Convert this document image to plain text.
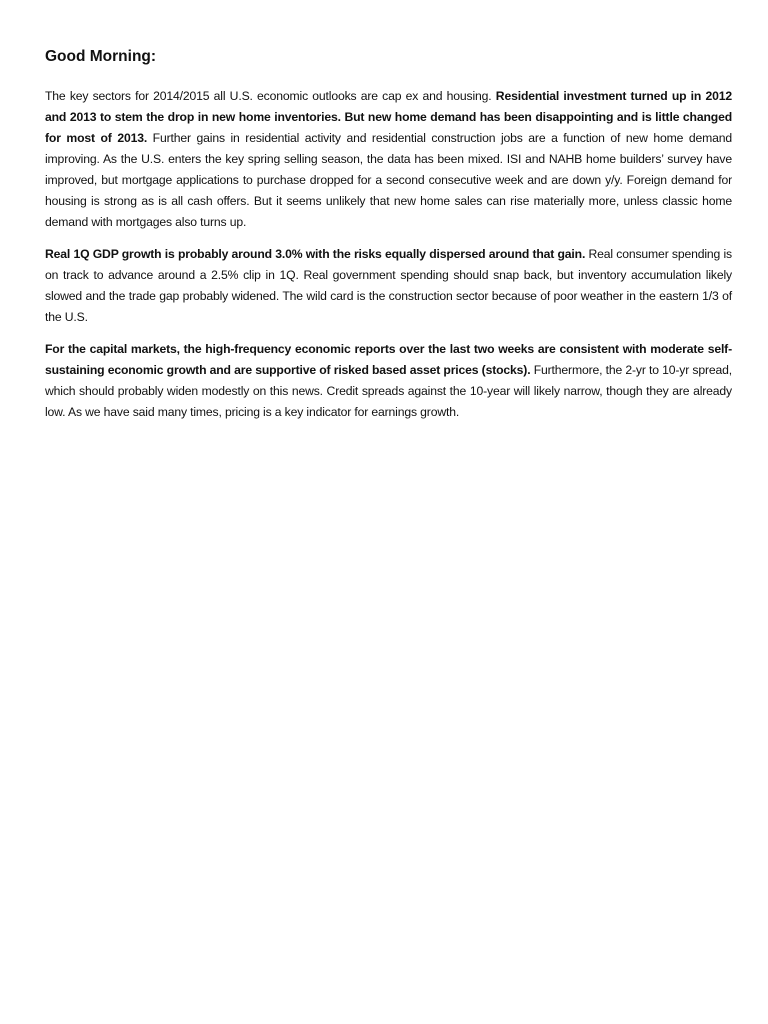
Good Morning:

The key sectors for 2014/2015 all U.S. economic outlooks are cap ex and housing. Residential investment turned up in 2012 and 2013 to stem the drop in new home inventories. But new home demand has been disappointing and is little changed for most of 2013. Further gains in residential activity and residential construction jobs are a function of new home demand improving. As the U.S. enters the key spring selling season, the data has been mixed. ISI and NAHB home builders’ survey have improved, but mortgage applications to purchase dropped for a second consecutive week and are down y/y. Foreign demand for housing is strong as is all cash offers. But it seems unlikely that new home sales can rise materially more, unless classic home demand with mortgages also turns up.

Real 1Q GDP growth is probably around 3.0% with the risks equally dispersed around that gain. Real consumer spending is on track to advance around a 2.5% clip in 1Q. Real government spending should snap back, but inventory accumulation likely slowed and the trade gap probably widened. The wild card is the construction sector because of poor weather in the eastern 1/3 of the U.S.

For the capital markets, the high-frequency economic reports over the last two weeks are consistent with moderate self-sustaining economic growth and are supportive of risked based asset prices (stocks). Furthermore, the 2-yr to 10-yr spread, which should probably widen modestly on this news. Credit spreads against the 10-year will likely narrow, though they are already low. As we have said many times, pricing is a key indicator for earnings growth.
